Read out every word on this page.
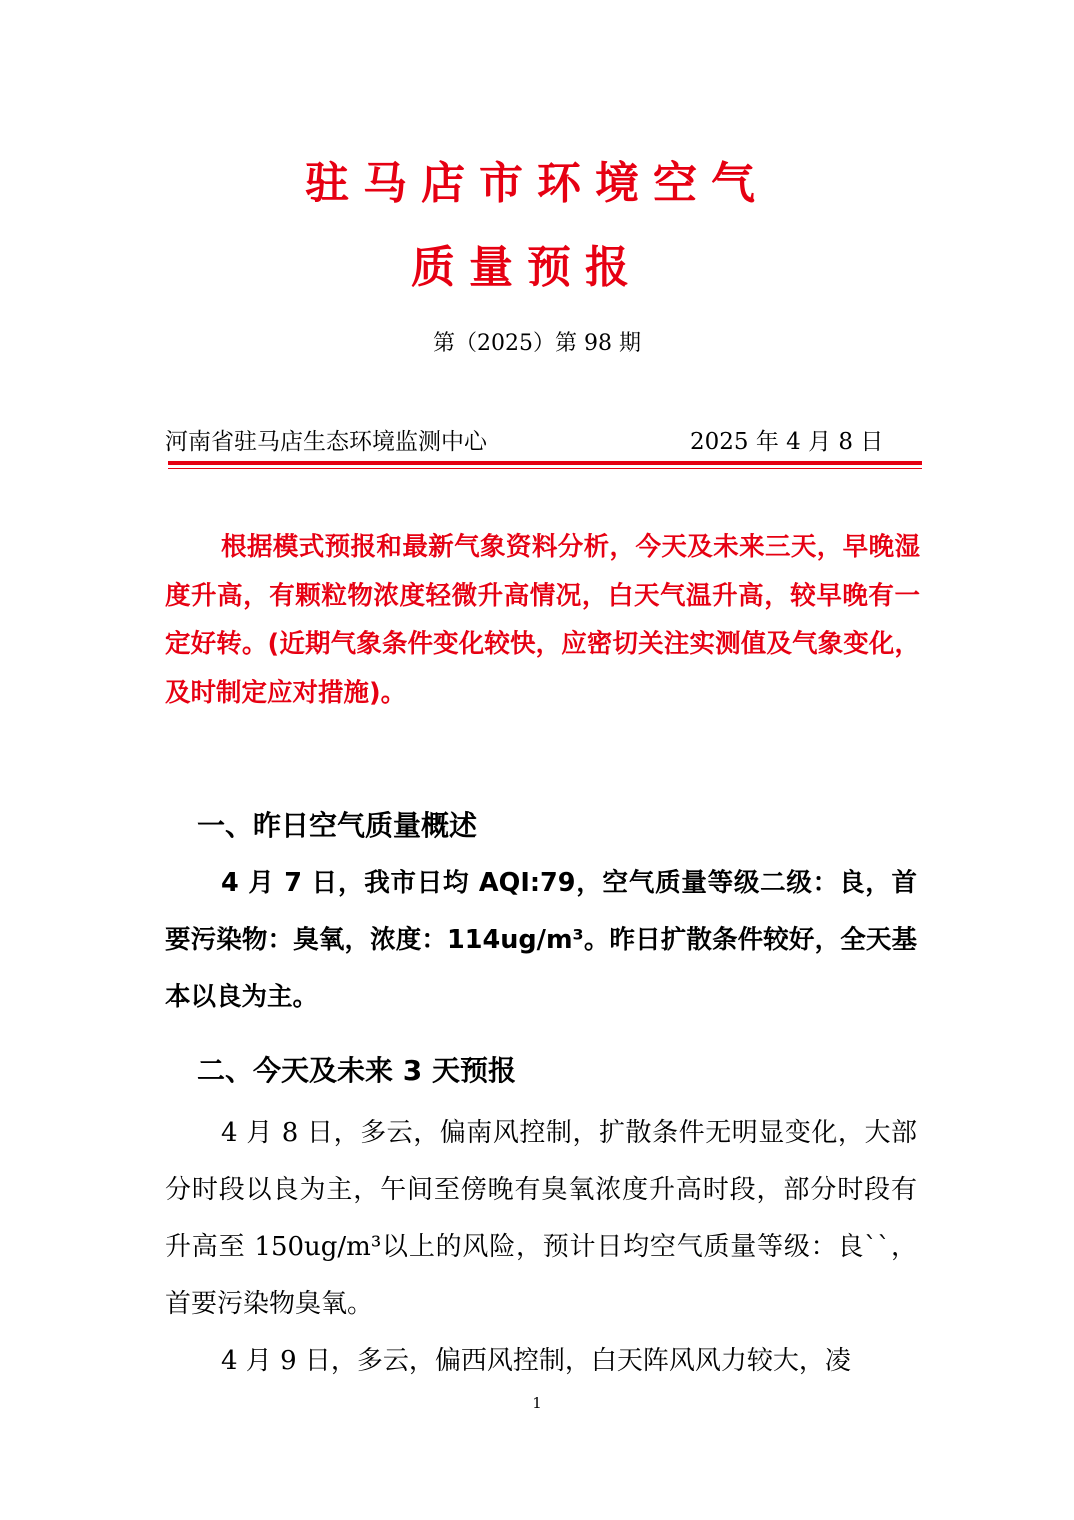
驻马店市环境空气
质量预报
第（2025）第 98 期
河南省驻马店生态环境监测中心	2025 年 4 月 8 日

根据模式预报和最新气象资料分析，今天及未来三天，早晚湿度升高，有颗粒物浓度轻微升高情况，白天气温升高，较早晚有一定好转。(近期气象条件变化较快，应密切关注实测值及气象变化，及时制定应对措施)。

一、昨日空气质量概述

4 月 7 日，我市日均 AQI:79，空气质量等级二级：良，首要污染物：臭氧，浓度：114ug/m³。昨日扩散条件较好，全天基本以良为主。

二、今天及未来 3 天预报

4 月 8 日，多云，偏南风控制，扩散条件无明显变化，大部分时段以良为主，午间至傍晚有臭氧浓度升高时段，部分时段有升高至 150ug/m³以上的风险，预计日均空气质量等级：良``，首要污染物臭氧。

4 月 9 日，多云，偏西风控制，白天阵风风力较大，凌

1
